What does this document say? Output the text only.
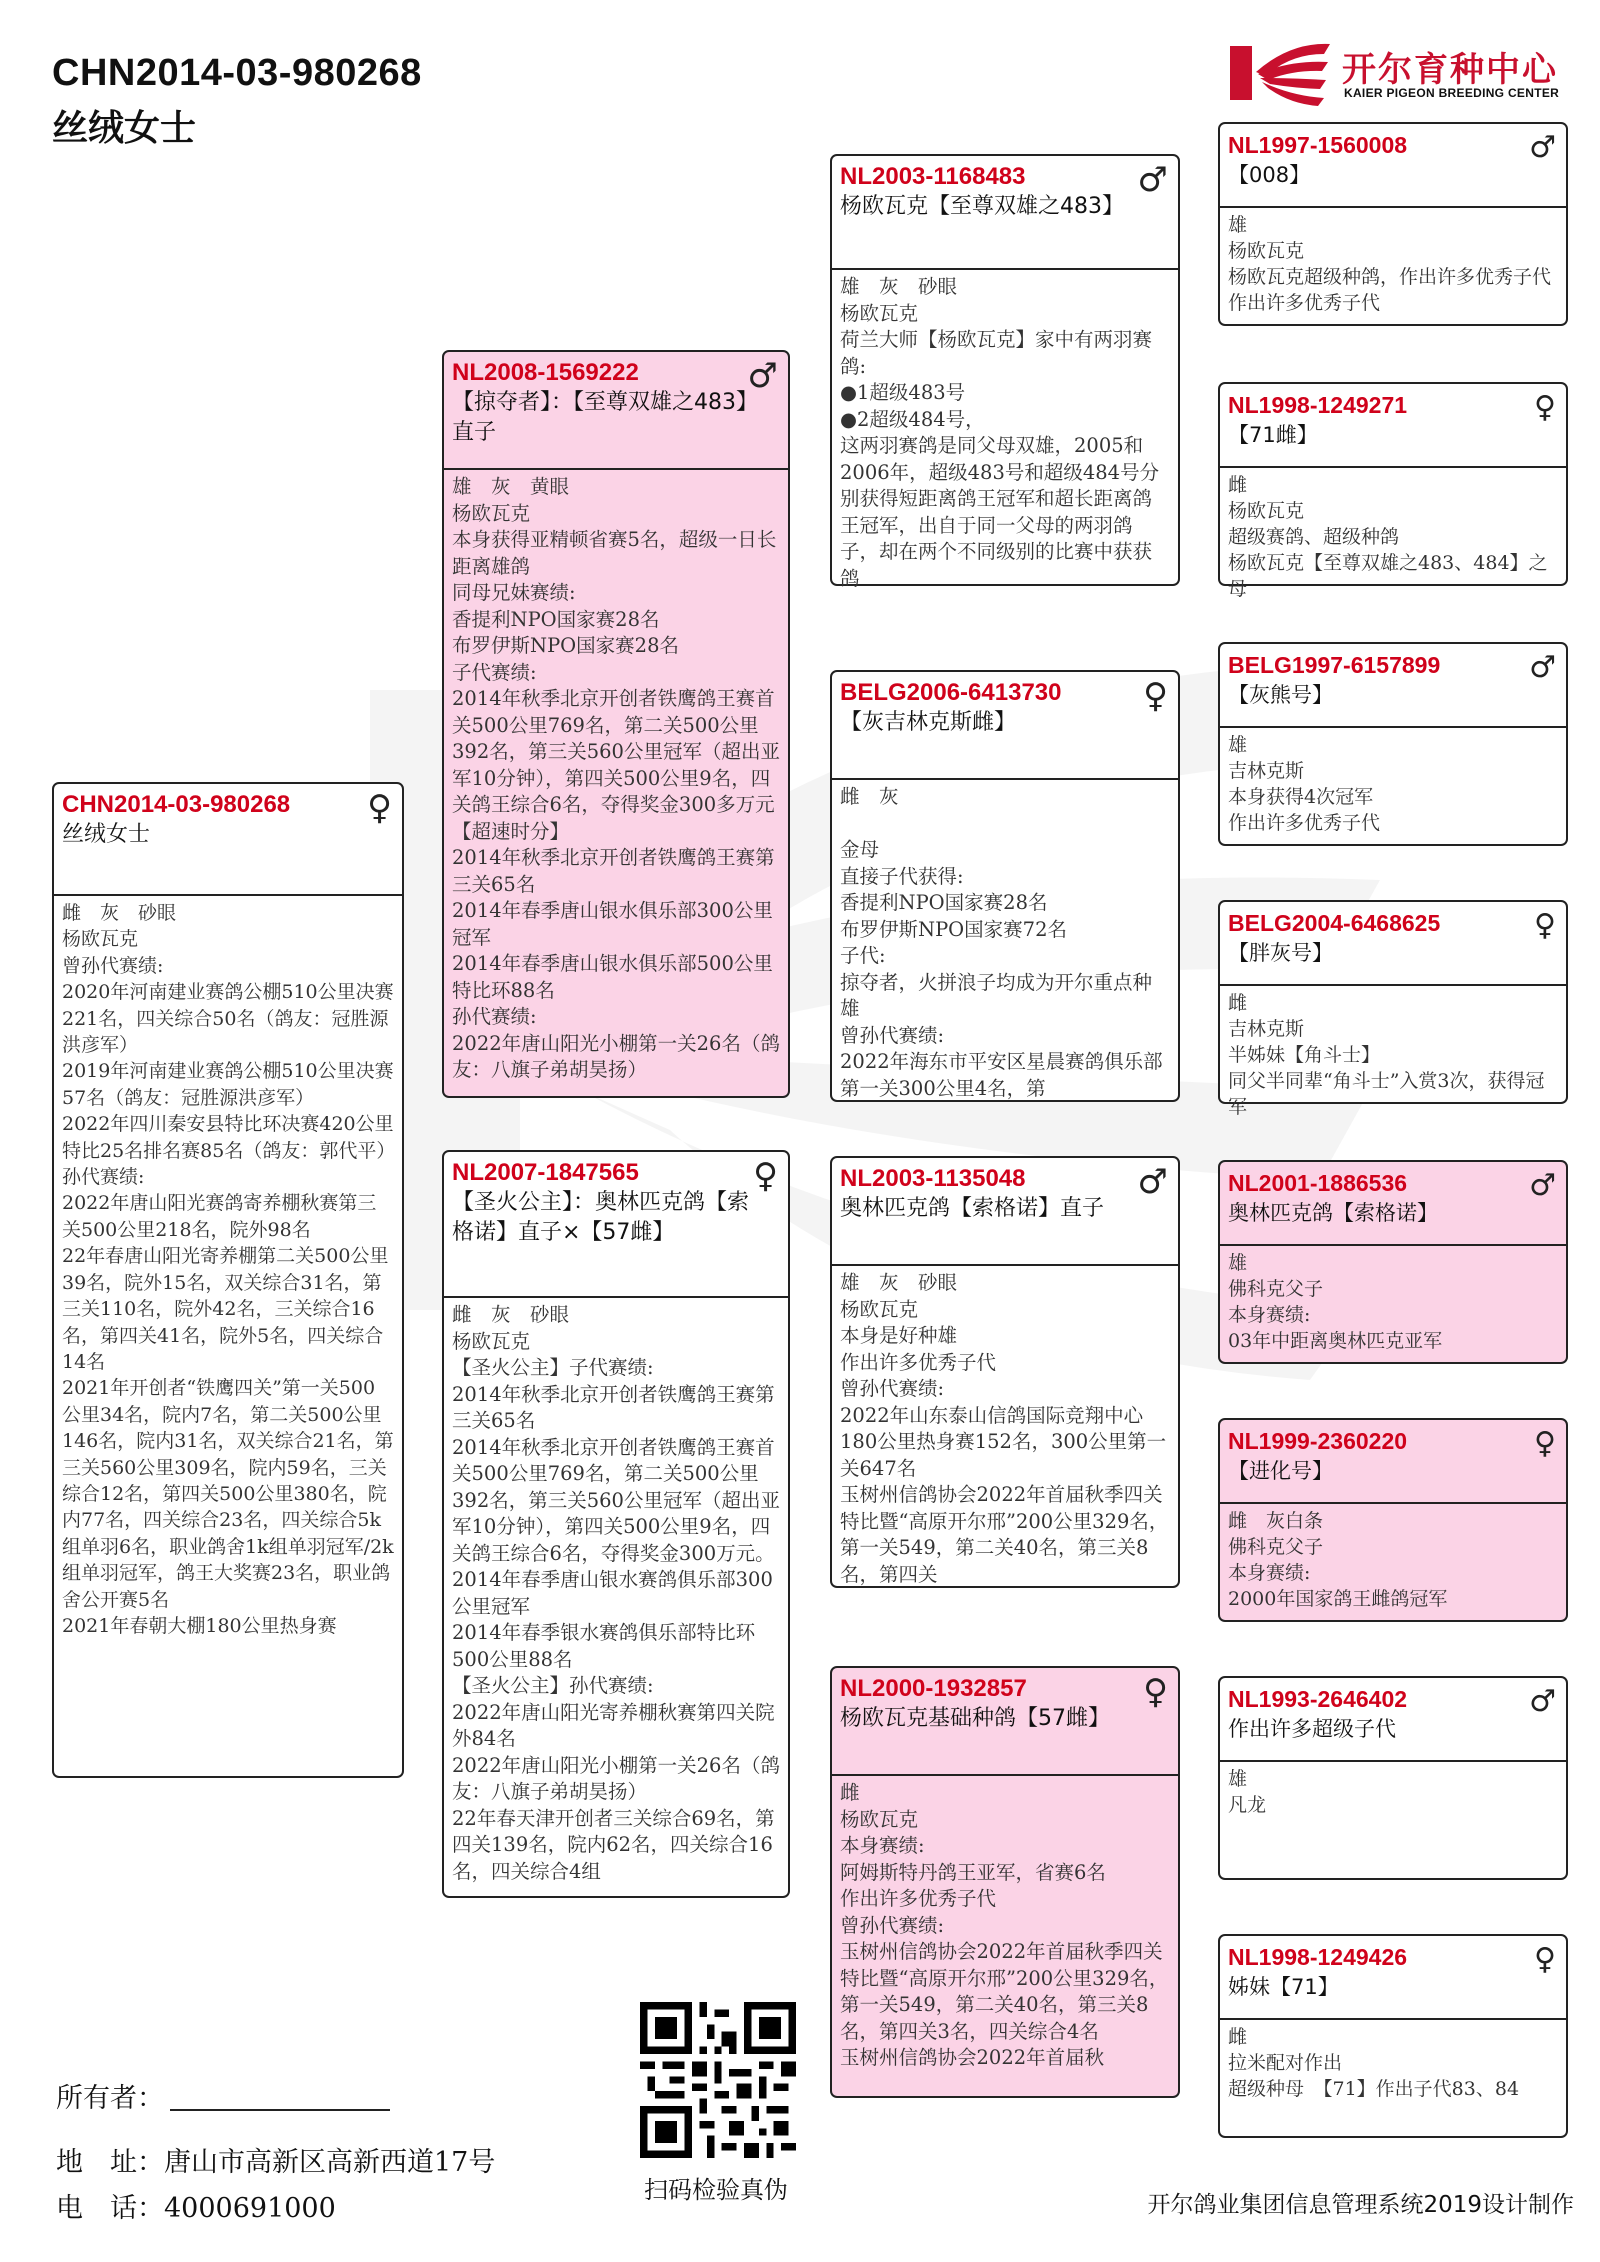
CHN2014-03-980268
丝绒女士
开尔育种中心
KAIER PIGEON BREEDING CENTER
CHN2014-03-980268
丝绒女士
♀

雌　灰　砂眼

杨欧瓦克

曾孙代赛绩:

2020年河南建业赛鸽公棚510公里决赛221名，四关综合50名（鸽友：冠胜源洪彦军）

2019年河南建业赛鸽公棚510公里决赛57名（鸽友：冠胜源洪彦军）

2022年四川秦安县特比环决赛420公里特比25名排名赛85名（鸽友：郭代平）

孙代赛绩:

2022年唐山阳光赛鸽寄养棚秋赛第三关500公里218名，院外98名

22年春唐山阳光寄养棚第二关500公里39名，院外15名，双关综合31名，第三关110名，院外42名，三关综合16名，第四关41名，院外5名，四关综合14名

2021年开创者“铁鹰四关”第一关500公里34名，院内7名，第二关500公里146名，院内31名，双关综合21名，第三关560公里309名，院内59名，三关综合12名，第四关500公里380名，院内77名，四关综合23名，四关综合5k组单羽6名，职业鸽舍1k组单羽冠军/2k组单羽冠军，鸽王大奖赛23名，职业鸽舍公开赛5名

2021年春朝大棚180公里热身赛

NL2008-1569222
【掠夺者】：【至尊双雄之483】直子
♂

雄　灰　黄眼

杨欧瓦克

本身获得亚精顿省赛5名，超级一日长距离雄鸽

同母兄妹赛绩:

香提利NPO国家赛28名

布罗伊斯NPO国家赛28名

子代赛绩:

2014年秋季北京开创者铁鹰鸽王赛首关500公里769名，第二关500公里392名，第三关560公里冠军（超出亚军10分钟），第四关500公里9名，四关鸽王综合6名，夺得奖金300多万元

【超速时分】

2014年秋季北京开创者铁鹰鸽王赛第三关65名

2014年春季唐山银水俱乐部300公里冠军

2014年春季唐山银水俱乐部500公里特比环88名

孙代赛绩:

2022年唐山阳光小棚第一关26名（鸽友：八旗子弟胡昊扬）

NL2007-1847565
【圣火公主】：奥林匹克鸽【索格诺】直子×【57雌】
♀

雌　灰　砂眼

杨欧瓦克

【圣火公主】子代赛绩:

2014年秋季北京开创者铁鹰鸽王赛第三关65名

2014年秋季北京开创者铁鹰鸽王赛首关500公里769名，第二关500公里392名，第三关560公里冠军（超出亚军10分钟），第四关500公里9名，四关鸽王综合6名，夺得奖金300万元。

2014年春季唐山银水赛鸽俱乐部300公里冠军

2014年春季银水赛鸽俱乐部特比环500公里88名

【圣火公主】孙代赛绩:

2022年唐山阳光寄养棚秋赛第四关院外84名

2022年唐山阳光小棚第一关26名（鸽友：八旗子弟胡昊扬）

22年春天津开创者三关综合69名，第四关139名，院内62名，四关综合16名，四关综合4组

NL2003-1168483
杨欧瓦克【至尊双雄之483】
♂

雄　灰　砂眼

杨欧瓦克

荷兰大师【杨欧瓦克】家中有两羽赛鸽:

●1超级483号

●2超级484号，

这两羽赛鸽是同父母双雄，2005和2006年，超级483号和超级484号分别获得短距离鸽王冠军和超长距离鸽王冠军，出自于同一父母的两羽鸽子，却在两个不同级别的比赛中获获鸽

BELG2006-6413730
【灰吉林克斯雌】
♀

雌　灰

金母

直接子代获得:

香提利NPO国家赛28名

布罗伊斯NPO国家赛72名

子代:

掠夺者，火拼浪子均成为开尔重点种雄

曾孙代赛绩:

2022年海东市平安区星晨赛鸽俱乐部第一关300公里4名，第

NL2003-1135048
奥林匹克鸽【索格诺】直子
♂

雄　灰　砂眼

杨欧瓦克

本身是好种雄

作出许多优秀子代

曾孙代赛绩:

2022年山东泰山信鸽国际竞翔中心180公里热身赛152名，300公里第一关647名

玉树州信鸽协会2022年首届秋季四关特比暨“高原开尔邢”200公里329名，第一关549，第二关40名，第三关8名，第四关

NL2000-1932857
杨欧瓦克基础种鸽【57雌】
♀

雌

杨欧瓦克

本身赛绩:

阿姆斯特丹鸽王亚军，省赛6名

作出许多优秀子代

曾孙代赛绩:

玉树州信鸽协会2022年首届秋季四关特比暨“高原开尔邢”200公里329名，第一关549，第二关40名，第三关8名，第四关3名，四关综合4名

玉树州信鸽协会2022年首届秋

NL1997-1560008
【008】
♂

雄

杨欧瓦克

杨欧瓦克超级种鸽，作出许多优秀子代

作出许多优秀子代

NL1998-1249271
【71雌】
♀

雌

杨欧瓦克

超级赛鸽、超级种鸽

杨欧瓦克【至尊双雄之483、484】之母

BELG1997-6157899
【灰熊号】
♂

雄

吉林克斯

本身获得4次冠军

作出许多优秀子代

BELG2004-6468625
【胖灰号】
♀

雌

吉林克斯

半姊妹【角斗士】

同父半同辈“角斗士”入赏3次，获得冠军

NL2001-1886536
奥林匹克鸽【索格诺】
♂

雄

佛科克父子

本身赛绩:

03年中距离奥林匹克亚军

NL1999-2360220
【进化号】
♀

雌　灰白条

佛科克父子

本身赛绩:

2000年国家鸽王雌鸽冠军

NL1993-2646402
作出许多超级子代
♂

雄

凡龙

NL1998-1249426
姊妹【71】
♀

雌

拉米配对作出

超级种母　【71】作出子代83、84

所有者：
地　址：唐山市高新区高新西道17号
电　话：4000691000
扫码检验真伪
开尔鸽业集团信息管理系统2019设计制作
